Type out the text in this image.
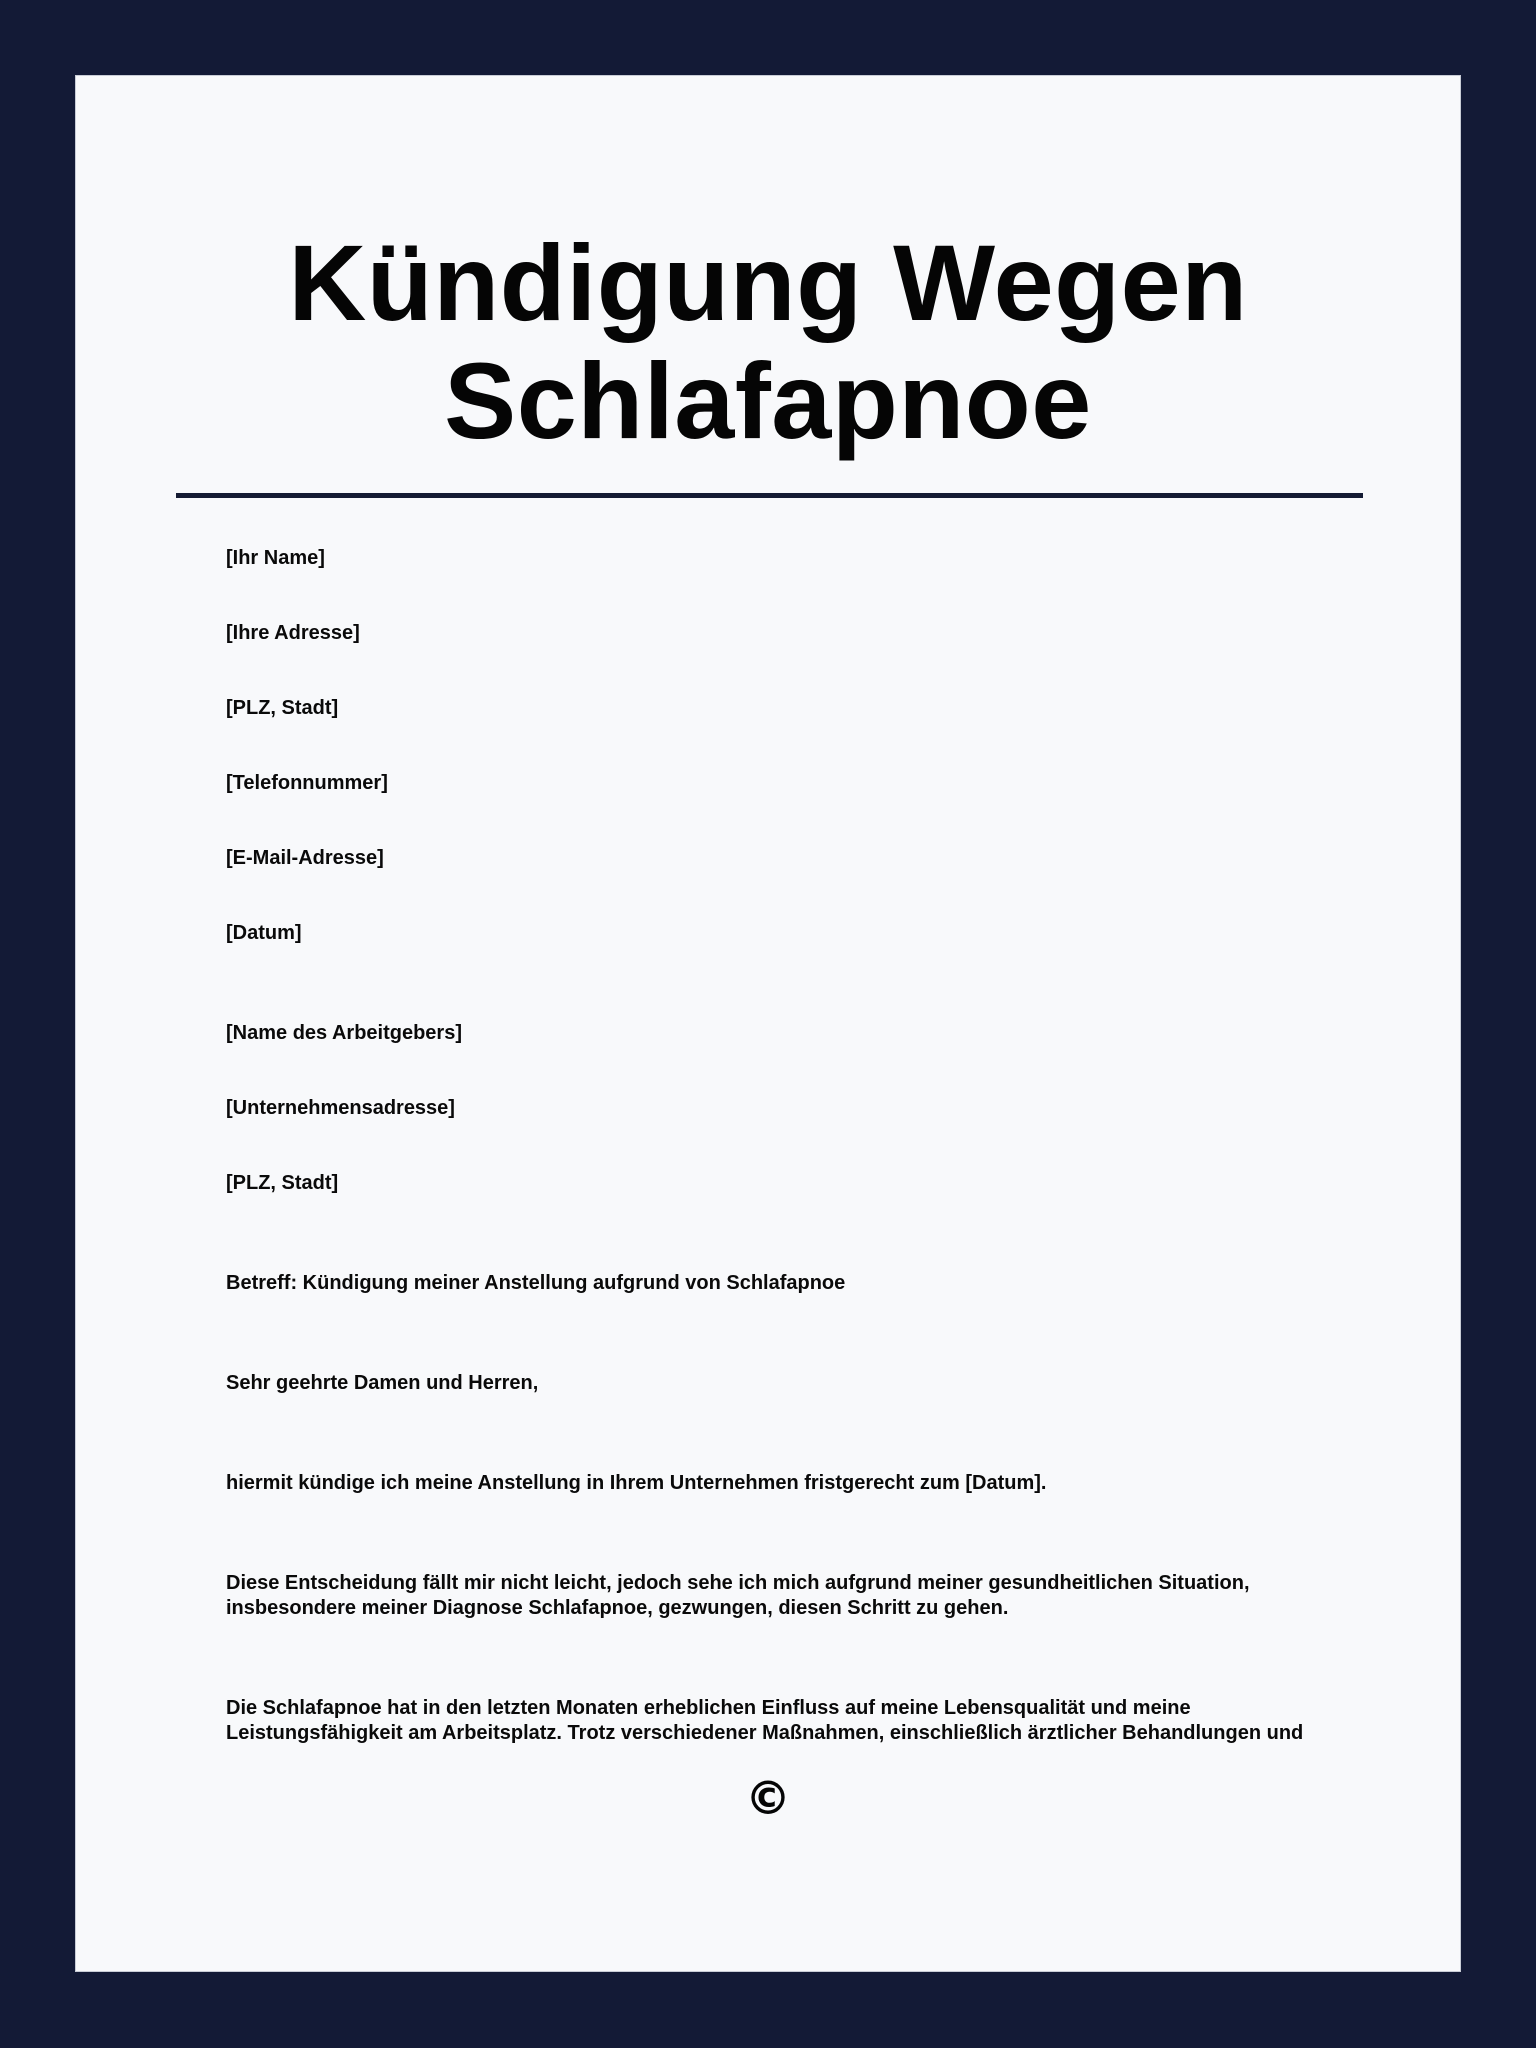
Kündigung Wegen
Schlafapnoe

[Ihr Name]

[Ihre Adresse]

[PLZ, Stadt]

[Telefonnummer]

[E-Mail-Adresse]

[Datum]

[Name des Arbeitgebers]

[Unternehmensadresse]

[PLZ, Stadt]

Betreff: Kündigung meiner Anstellung aufgrund von Schlafapnoe

Sehr geehrte Damen und Herren,

hiermit kündige ich meine Anstellung in Ihrem Unternehmen fristgerecht zum [Datum].
Diese Entscheidung fällt mir nicht leicht, jedoch sehe ich mich aufgrund meiner gesundheitlichen Situation,
insbesondere meiner Diagnose Schlafapnoe, gezwungen, diesen Schritt zu gehen.
Die Schlafapnoe hat in den letzten Monaten erheblichen Einfluss auf meine Lebensqualität und meine
Leistungsfähigkeit am Arbeitsplatz. Trotz verschiedener Maßnahmen, einschließlich ärztlicher Behandlungen und
©
